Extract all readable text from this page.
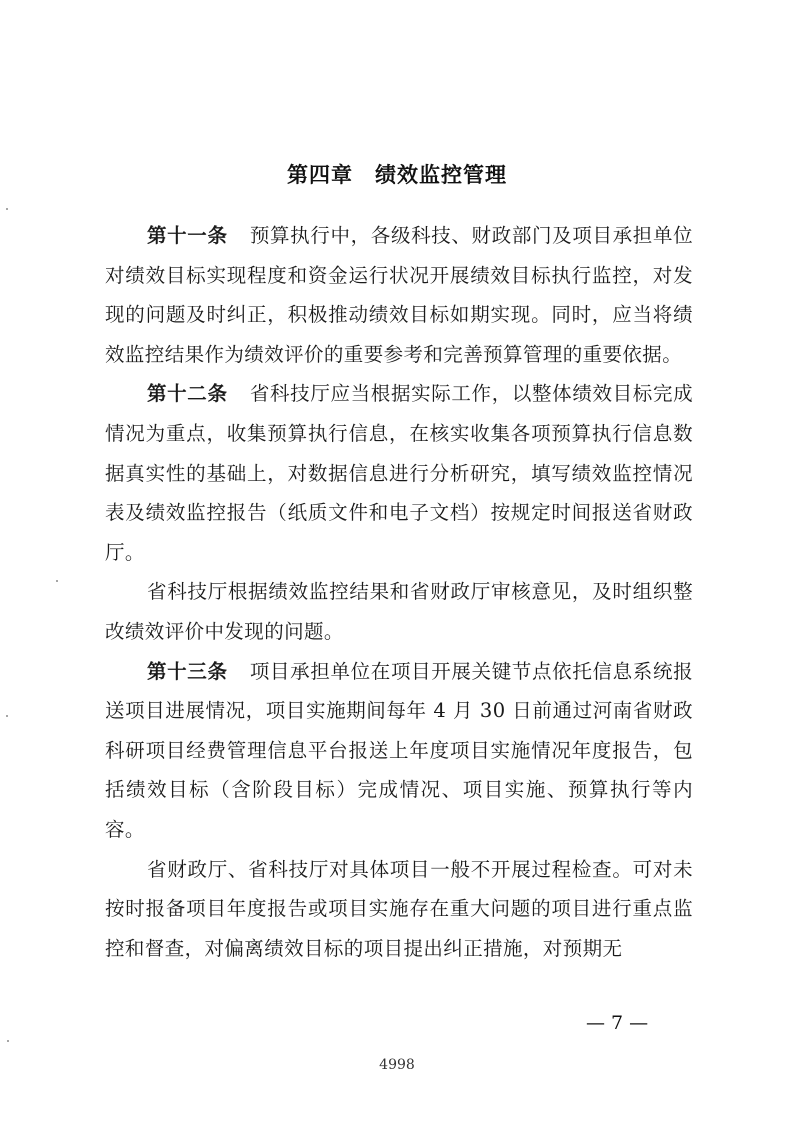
第四章　绩效监控管理

第十一条 预算执行中，各级科技、财政部门及项目承担单位对绩效目标实现程度和资金运行状况开展绩效目标执行监控，对发现的问题及时纠正，积极推动绩效目标如期实现。同时，应当将绩效监控结果作为绩效评价的重要参考和完善预算管理的重要依据。

第十二条 省科技厅应当根据实际工作，以整体绩效目标完成情况为重点，收集预算执行信息，在核实收集各项预算执行信息数据真实性的基础上，对数据信息进行分析研究，填写绩效监控情况表及绩效监控报告（纸质文件和电子文档）按规定时间报送省财政厅。

省科技厅根据绩效监控结果和省财政厅审核意见，及时组织整改绩效评价中发现的问题。

第十三条 项目承担单位在项目开展关键节点依托信息系统报送项目进展情况，项目实施期间每年 4 月 30 日前通过河南省财政科研项目经费管理信息平台报送上年度项目实施情况年度报告，包括绩效目标（含阶段目标）完成情况、项目实施、预算执行等内容。

省财政厅、省科技厅对具体项目一般不开展过程检查。可对未按时报备项目年度报告或项目实施存在重大问题的项目进行重点监控和督查，对偏离绩效目标的项目提出纠正措施，对预期无

— 7 —
4998
